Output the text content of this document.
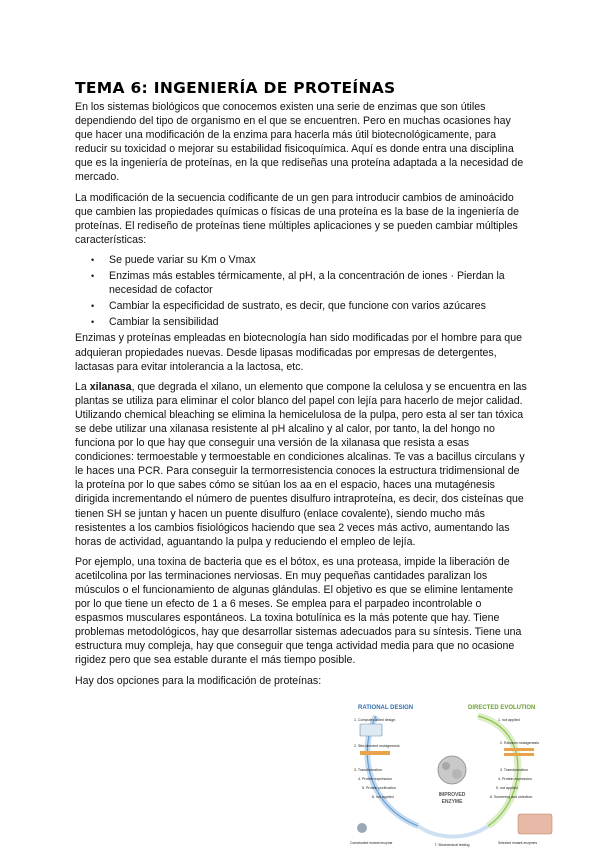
TEMA 6: INGENIERÍA DE PROTEÍNAS

En los sistemas biológicos que conocemos existen una serie de enzimas que son útiles dependiendo del tipo de organismo en el que se encuentren. Pero en muchas ocasiones hay que hacer una modificación de la enzima para hacerla más útil biotecnológicamente, para reducir su toxicidad o mejorar su estabilidad fisicoquímica. Aquí es donde entra una disciplina que es la ingeniería de proteínas, en la que rediseñas una proteína adaptada a la necesidad de mercado.

La modificación de la secuencia codificante de un gen para introducir cambios de aminoácido que cambien las propiedades químicas o físicas de una proteína es la base de la ingeniería de proteínas. El rediseño de proteínas tiene múltiples aplicaciones y se pueden cambiar múltiples características:

• Se puede variar su Km o Vmax
• Enzimas más estables térmicamente, al pH, a la concentración de iones · Pierdan la necesidad de cofactor
• Cambiar la especificidad de sustrato, es decir, que funcione con varios azúcares
• Cambiar la sensibilidad

Enzimas y proteínas empleadas en biotecnología han sido modificadas por el hombre para que adquieran propiedades nuevas. Desde lipasas modificadas por empresas de detergentes, lactasas para evitar intolerancia a la lactosa, etc.

La xilanasa, que degrada el xilano, un elemento que compone la celulosa y se encuentra en las plantas se utiliza para eliminar el color blanco del papel con lejía para hacerlo de mejor calidad. Utilizando chemical bleaching se elimina la hemicelulosa de la pulpa, pero esta al ser tan tóxica se debe utilizar una xilanasa resistente al pH alcalino y al calor, por tanto, la del hongo no funciona por lo que hay que conseguir una versión de la xilanasa que resista a esas condiciones: termoestable y termoestable en condiciones alcalinas. Te vas a bacillus circulans y le haces una PCR. Para conseguir la termorresistencia conoces la estructura tridimensional de la proteína por lo que sabes cómo se sitúan los aa en el espacio, haces una mutagénesis dirigida incrementando el número de puentes disulfuro intraproteína, es decir, dos cisteínas que tienen SH se juntan y hacen un puente disulfuro (enlace covalente), siendo mucho más resistentes a los cambios fisiológicos haciendo que sea 2 veces más activo, aumentando las horas de actividad, aguantando la pulpa y reduciendo el empleo de lejía.

Por ejemplo, una toxina de bacteria que es el bótox, es una proteasa, impide la liberación de acetilcolina por las terminaciones nerviosas. En muy pequeñas cantidades paralizan los músculos o el funcionamiento de algunas glándulas. El objetivo es que se elimine lentamente por lo que tiene un efecto de 1 a 6 meses. Se emplea para el parpadeo incontrolable o espasmos musculares espontáneos. La toxina botulínica es la más potente que hay. Tiene problemas metodológicos, hay que desarrollar sistemas adecuados para su síntesis. Tiene una estructura muy compleja, hay que conseguir que tenga actividad media para que no ocasione rigidez pero que sea estable durante el más tiempo posible.

Hay dos opciones para la modificación de proteínas:

RATIONAL DESIGN	DIRECTED EVOLUTION
1. Computer-aided design
2. Site-directed mutagenesis
3. Transformation
4. Protein expression
5. Protein purification
6. not applied
Constructed mutant enzyme
1. not applied
2. Random mutagenesis
3. Transformation
4. Protein expression
5. not applied
6. Screening and selection
Selected mutant enzymes
IMPROVED
ENZYME
7. Biochemical testing
